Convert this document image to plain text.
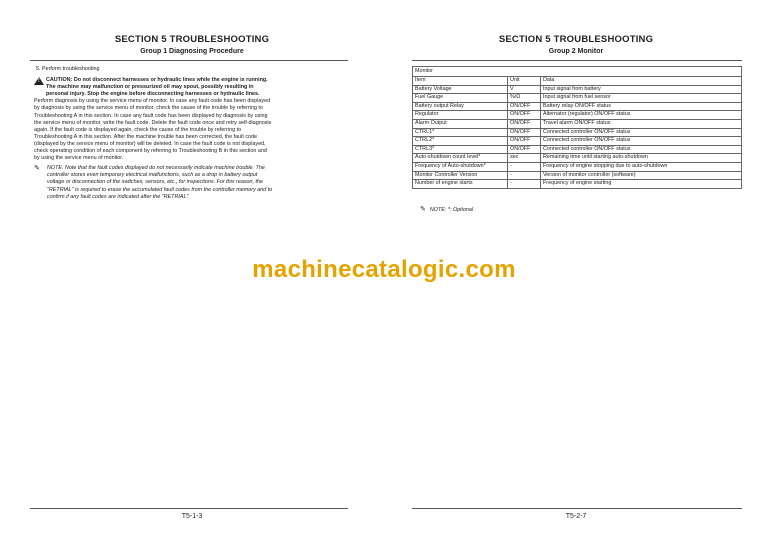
SECTION 5 TROUBLESHOOTING
Group 1 Diagnosing Procedure
5. Perform troubleshooting
! CAUTION: Do not disconnect harnesses or hydraulic lines while the engine is running. The machine may malfunction or pressurized oil may spout, possibly resulting in personal injury. Stop the engine before disconnecting harnesses or hydraulic lines.
Perform diagnosis by using the service menu of monitor. In case any fault code has been displayed by diagnosis by using the service menu of monitor, check the cause of the trouble by referring to Troubleshooting A in this section. In case any fault code has been displayed by diagnosis by using the service menu of monitor, write the fault code. Delete the fault code once and retry self-diagnosis again. If the fault code is displayed again, check the cause of the trouble by referring to Troubleshooting A in this section. After the machine trouble has been corrected, the fault code (displayed by the service menu of monitor) will be deleted. In case the fault code is not displayed, check operating condition of each component by referring to Troubleshooting B in this section and by using the service menu of monitor.
✎ NOTE: Note that the fault codes displayed do not necessarily indicate machine trouble. The controller stores even temporary electrical malfunctions, such as a drop in battery output voltage or disconnection of the switches, sensors, etc., for inspections. For this reason, the "RETRIAL" is required to erase the accumulated fault codes from the controller memory and to confirm if any fault codes are indicated after the "RETRIAL".
T5-1-3
SECTION 5 TROUBLESHOOTING
Group 2 Monitor
Monitor
Item	Unit	Data
Battery Voltage	V	Input signal from battery
Fuel Gauge	%/Ω	Input signal from fuel sensor
Battery output Relay	ON/OFF	Battery relay ON/OFF status
Regulator	ON/OFF	Alternator (regulator) ON/OFF status
Alarm Output	ON/OFF	Travel alarm ON/OFF status
CTRL1*	ON/OFF	Connected controller ON/OFF status
CTRL2*	ON/OFF	Connected controller ON/OFF status
CTRL3*	ON/OFF	Connected controller ON/OFF status
Auto-shutdown count level*	sec	Remaining time until starting auto-shutdown
Frequency of Auto-shutdown*	-	Frequency of engine stopping due to auto-shutdown
Monitor Controller Version	-	Version of monitor controller (software)
Number of engine starts	-	Frequency of engine starting
✎ NOTE: *: Optional
T5-2-7
machinecatalogic.com
